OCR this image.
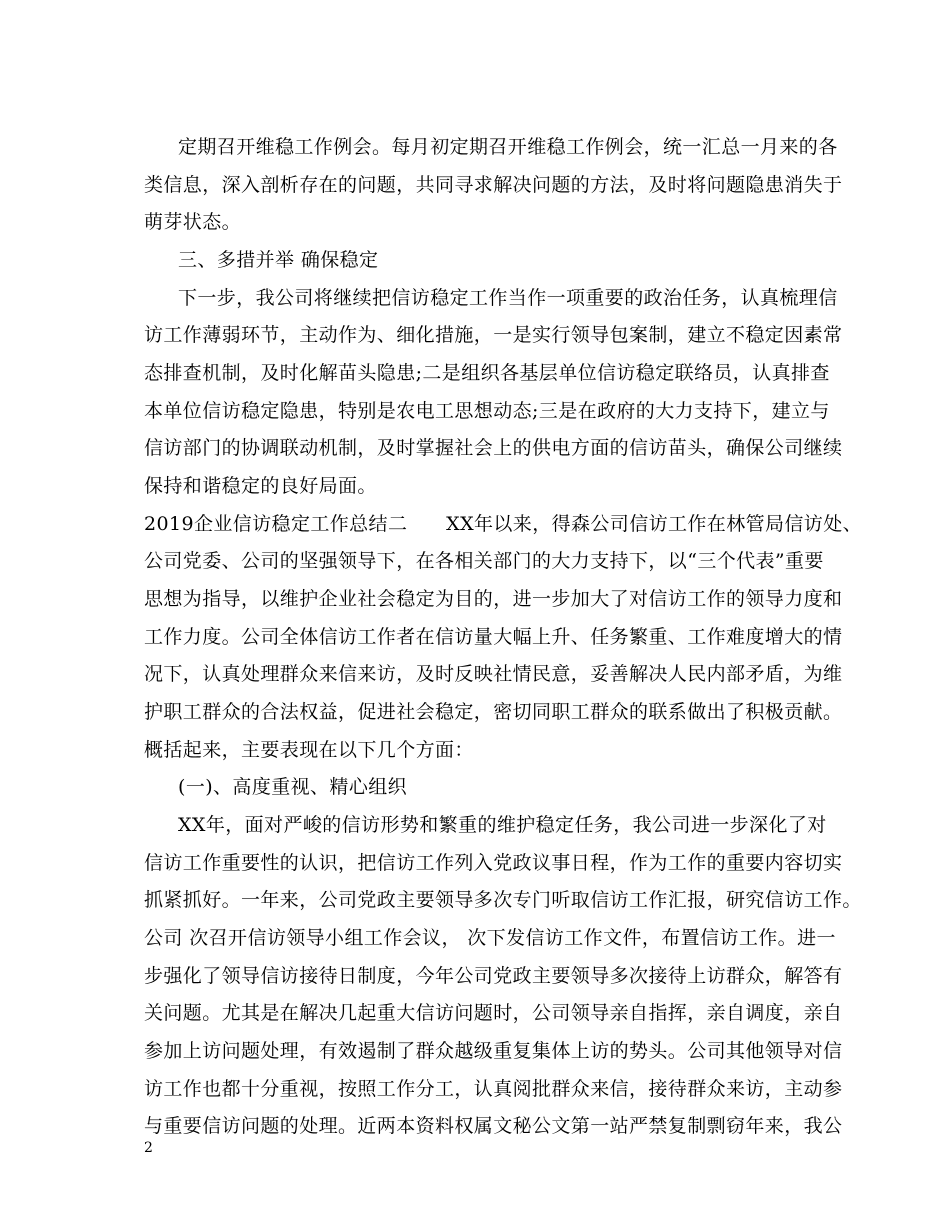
定期召开维稳工作例会。每月初定期召开维稳工作例会，统一汇总一月来的各
类信息，深入剖析存在的问题，共同寻求解决问题的方法，及时将问题隐患消失于
萌芽状态。
三、多措并举 确保稳定
下一步，我公司将继续把信访稳定工作当作一项重要的政治任务，认真梳理信
访工作薄弱环节，主动作为、细化措施，一是实行领导包案制，建立不稳定因素常
态排查机制，及时化解苗头隐患;二是组织各基层单位信访稳定联络员，认真排查
本单位信访稳定隐患，特别是农电工思想动态;三是在政府的大力支持下，建立与
信访部门的协调联动机制，及时掌握社会上的供电方面的信访苗头，确保公司继续
保持和谐稳定的良好局面。
2019企业信访稳定工作总结二　　XX年以来，得森公司信访工作在林管局信访处、
公司党委、公司的坚强领导下，在各相关部门的大力支持下，以“三个代表”重要
思想为指导，以维护企业社会稳定为目的，进一步加大了对信访工作的领导力度和
工作力度。公司全体信访工作者在信访量大幅上升、任务繁重、工作难度增大的情
况下，认真处理群众来信来访，及时反映社情民意，妥善解决人民内部矛盾，为维
护职工群众的合法权益，促进社会稳定，密切同职工群众的联系做出了积极贡献。
概括起来，主要表现在以下几个方面：
(一)、高度重视、精心组织
XX年，面对严峻的信访形势和繁重的维护稳定任务，我公司进一步深化了对
信访工作重要性的认识，把信访工作列入党政议事日程，作为工作的重要内容切实
抓紧抓好。一年来，公司党政主要领导多次专门听取信访工作汇报，研究信访工作。
公司 次召开信访领导小组工作会议， 次下发信访工作文件，布置信访工作。进一
步强化了领导信访接待日制度，今年公司党政主要领导多次接待上访群众，解答有
关问题。尤其是在解决几起重大信访问题时，公司领导亲自指挥，亲自调度，亲自
参加上访问题处理，有效遏制了群众越级重复集体上访的势头。公司其他领导对信
访工作也都十分重视，按照工作分工，认真阅批群众来信，接待群众来访，主动参
与重要信访问题的处理。近两本资料权属文秘公文第一站严禁复制剽窃年来，我公
2
